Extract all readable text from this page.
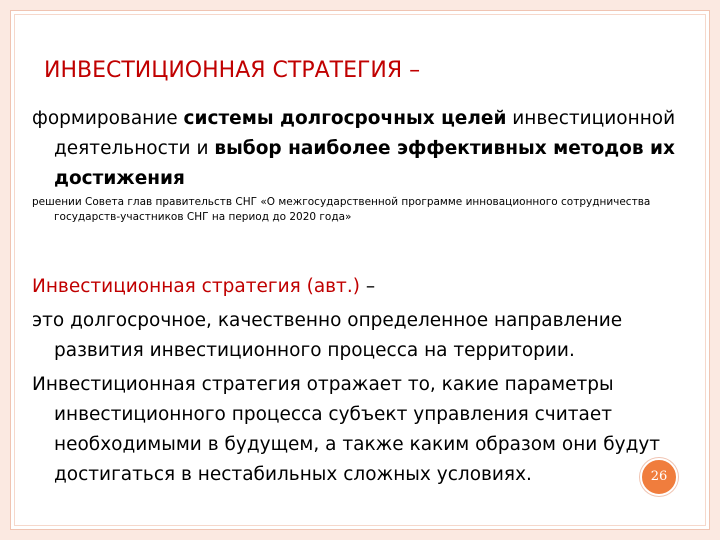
ИНВЕСТИЦИОННАЯ СТРАТЕГИЯ –
формирование системы долгосрочных целей инвестиционной
деятельности и выбор наиболее эффективных методов их
достижения
решении Совета глав правительств СНГ «О межгосударственной программе инновационного сотрудничества
государств-участников СНГ на период до 2020 года»
Инвестиционная стратегия (авт.) –
это долгосрочное, качественно определенное направление
развития инвестиционного процесса на территории.
Инвестиционная стратегия отражает то, какие параметры
инвестиционного процесса субъект управления считает
необходимыми в будущем, а также каким образом они будут
достигаться в нестабильных сложных условиях.	26
